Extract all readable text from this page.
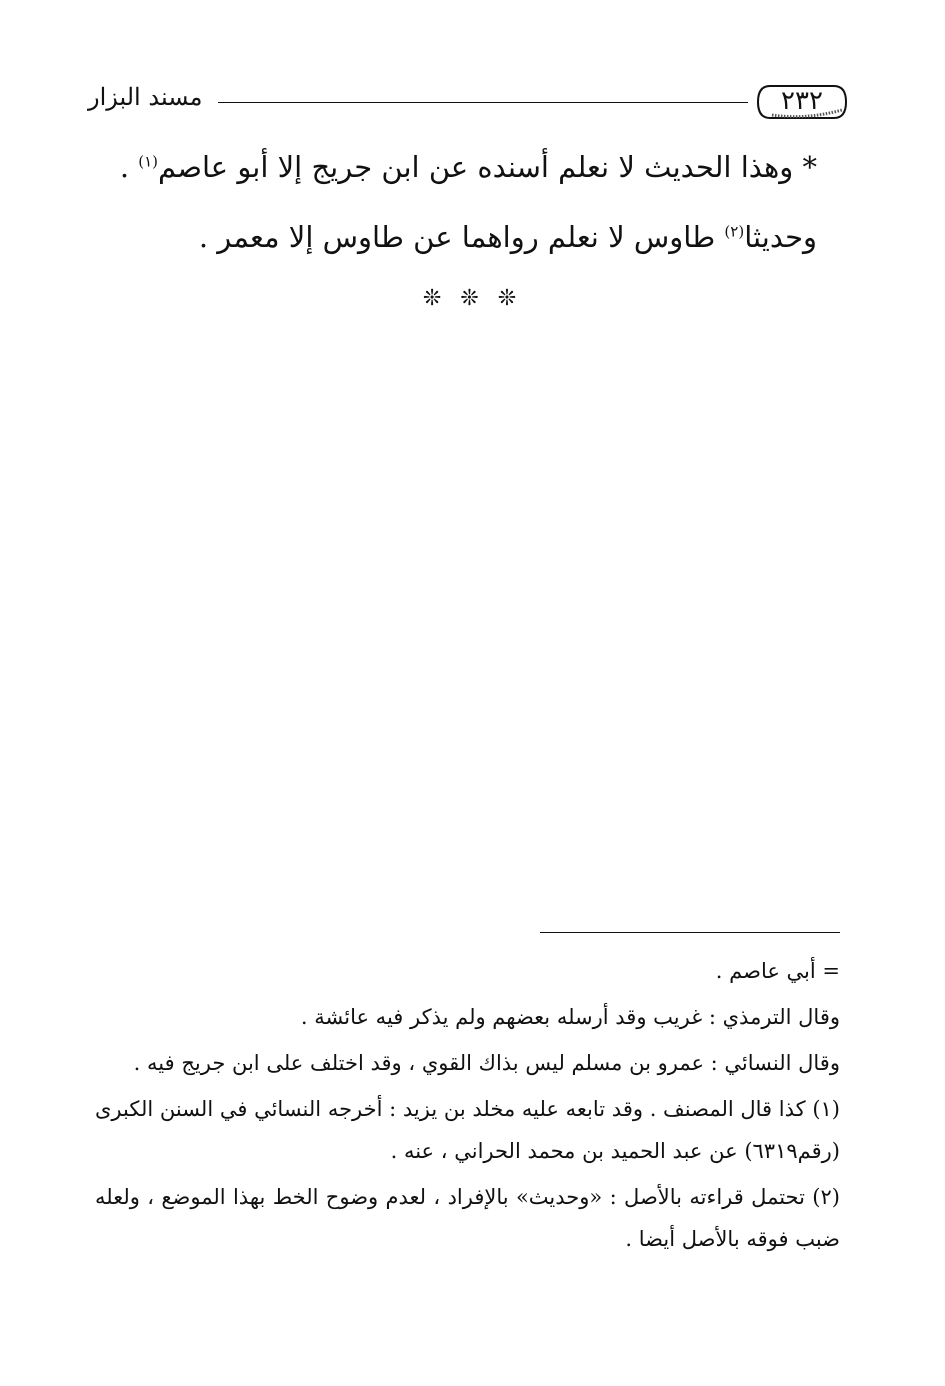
٢٣٢
مسند البزار
* وهذا الحديث لا نعلم أسنده عن ابن جريج إلا أبو عاصم$^{(١)}$ .
وحديثا$^{(٢)}$ طاوس لا نعلم رواهما عن طاوس إلا معمر .
❊ ❊ ❊

= أبي عاصم .

وقال الترمذي : غريب وقد أرسله بعضهم ولم يذكر فيه عائشة .

وقال النسائي : عمرو بن مسلم ليس بذاك القوي ، وقد اختلف على ابن جريج فيه .

(١) كذا قال المصنف . وقد تابعه عليه مخلد بن يزيد : أخرجه النسائي في السنن الكبرى (رقم٦٣١٩) عن عبد الحميد بن محمد الحراني ، عنه .

(٢) تحتمل قراءته بالأصل : «وحديث» بالإفراد ، لعدم وضوح الخط بهذا الموضع ، ولعله ضبب فوقه بالأصل أيضا .
